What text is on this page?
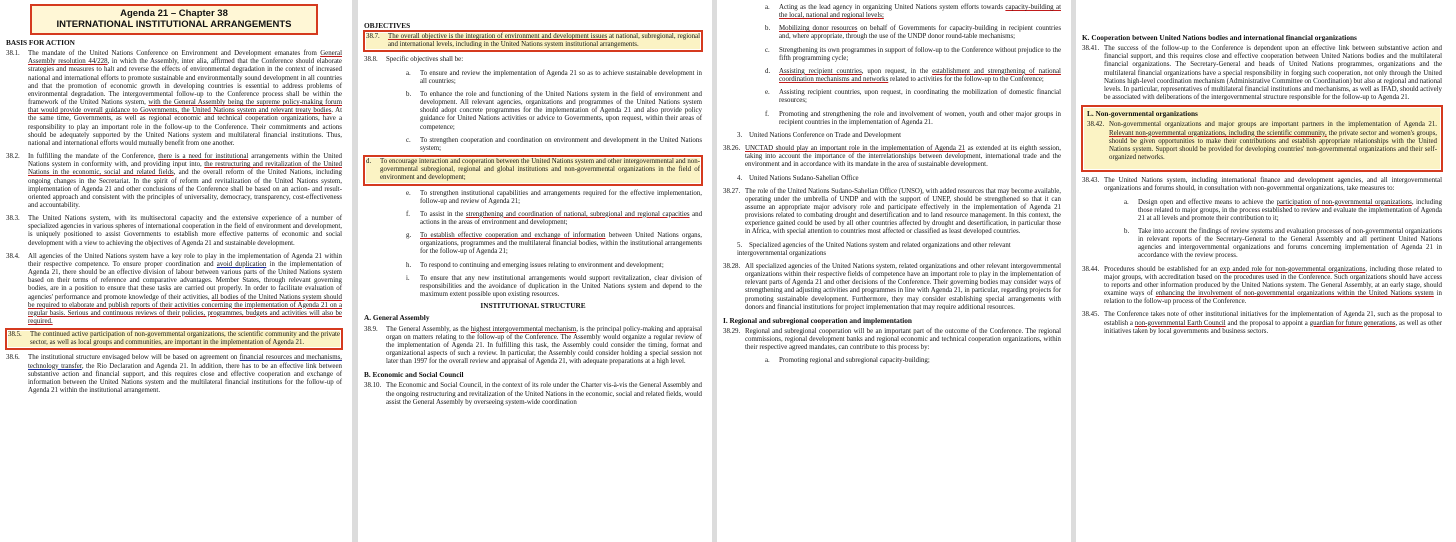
Agenda 21 – Chapter 38
INTERNATIONAL INSTITUTIONAL ARRANGEMENTS
BASIS FOR ACTION
38.1.	The mandate of the United Nations Conference on Environment and Development emanates from General Assembly resolution 44/228, in which the Assembly, inter alia, affirmed that the Conference should elaborate strategies and measures to halt and reverse the effects of environmental degradation in the context of increased national and international efforts to promote sustainable and environmentally sound development in all countries and that the promotion of economic growth in developing countries is essential to address problems of environmental degradation. The intergovernmental follow-up to the Conference process shall be within the framework of the United Nations system, with the General Assembly being the supreme policy-making forum that would provide overall guidance to Governments, the United Nations system and relevant treaty bodies. At the same time, Governments, as well as regional economic and technical cooperation organizations, have a responsibility to play an important role in the follow-up to the Conference. Their commitments and actions should be adequately supported by the United Nations system and multilateral financial institutions. Thus, national and international efforts would mutually benefit from one another.
38.2.	In fulfilling the mandate of the Conference, there is a need for institutional arrangements within the United Nations system in conformity with, and providing input into, the restructuring and revitalization of the United Nations in the economic, social and related fields, and the overall reform of the United Nations, including ongoing changes in the Secretariat. In the spirit of reform and revitalization of the United Nations system, implementation of Agenda 21 and other conclusions of the Conference shall be based on an action- and result-oriented approach and consistent with the principles of universality, democracy, transparency, cost-effectiveness and accountability.
38.3.	The United Nations system, with its multisectoral capacity and the extensive experience of a number of specialized agencies in various spheres of international cooperation in the field of environment and development, is uniquely positioned to assist Governments to establish more effective patterns of economic and social development with a view to achieving the objectives of Agenda 21 and sustainable development.
38.4.	All agencies of the United Nations system have a key role to play in the implementation of Agenda 21 within their respective competence. To ensure proper coordination and avoid duplication in the implementation of Agenda 21, there should be an effective division of labour between various parts of the United Nations system based on their terms of reference and comparative advantages. Member States, through relevant governing bodies, are in a position to ensure that these tasks are carried out properly. In order to facilitate evaluation of agencies' performance and promote knowledge of their activities, all bodies of the United Nations system should be required to elaborate and publish reports of their activities concerning the implementation of Agenda 21 on a regular basis. Serious and continuous reviews of their policies, programmes, budgets and activities will also be required.
38.5.	The continued active participation of non-governmental organizations, the scientific community and the private sector, as well as local groups and communities, are important in the implementation of Agenda 21.
38.6.	The institutional structure envisaged below will be based on agreement on financial resources and mechanisms, technology transfer, the Rio Declaration and Agenda 21. In addition, there has to be an effective link between substantive action and financial support, and this requires close and effective cooperation and exchange of information between the United Nations system and the multilateral financial institutions for the follow-up of Agenda 21 within the institutional arrangement.
OBJECTIVES
38.7.	The overall objective is the integration of environment and development issues at national, subregional, regional and international levels, including in the United Nations system institutional arrangements.
38.8.	Specific objectives shall be:
a.	To ensure and review the implementation of Agenda 21 so as to achieve sustainable development in all countries;
b.	To enhance the role and functioning of the United Nations system in the field of environment and development. All relevant agencies, organizations and programmes of the United Nations system should adopt concrete programmes for the implementation of Agenda 21 and also provide policy guidance for United Nations activities or advice to Governments, upon request, within their areas of competence;
c.	To strengthen cooperation and coordination on environment and development in the United Nations system;
d.	To encourage interaction and cooperation between the United Nations system and other intergovernmental and non-governmental subregional, regional and global institutions and non-governmental organizations in the field of environment and development;
e.	To strengthen institutional capabilities and arrangements required for the effective implementation, follow-up and review of Agenda 21;
f.	To assist in the strengthening and coordination of national, subregional and regional capacities and actions in the areas of environment and development;
g.	To establish effective cooperation and exchange of information between United Nations organs, organizations, programmes and the multilateral financial bodies, within the institutional arrangements for the follow-up of Agenda 21;
h.	To respond to continuing and emerging issues relating to environment and development;
i.	To ensure that any new institutional arrangements would support revitalization, clear division of responsibilities and the avoidance of duplication in the United Nations system and depend to the maximum extent possible upon existing resources.
INSTITUTIONAL STRUCTURE
A. General Assembly
38.9.	The General Assembly, as the highest intergovernmental mechanism, is the principal policy-making and appraisal organ on matters relating to the follow-up of the Conference. The Assembly would organize a regular review of the implementation of Agenda 21. In fulfilling this task, the Assembly could consider the timing, format and organizational aspects of such a review. In particular, the Assembly could consider holding a special session not later than 1997 for the overall review and appraisal of Agenda 21, with adequate preparations at a high level.
B. Economic and Social Council
38.10. The Economic and Social Council, in the context of its role under the Charter vis-à-vis the General Assembly and the ongoing restructuring and revitalization of the United Nations in the economic, social and related fields, would assist the General Assembly by overseeing system-wide coordination
a.	Acting as the lead agency in organizing United Nations system efforts towards capacity-building at the local, national and regional levels;
b.	Mobilizing donor resources on behalf of Governments for capacity-building in recipient countries and, where appropriate, through the use of the UNDP donor round-table mechanisms;
c.	Strengthening its own programmes in support of follow-up to the Conference without prejudice to the fifth programming cycle;
d.	Assisting recipient countries, upon request, in the establishment and strengthening of national coordination mechanisms and networks related to activities for the follow-up to the Conference;
e.	Assisting recipient countries, upon request, in coordinating the mobilization of domestic financial resources;
f.	Promoting and strengthening the role and involvement of women, youth and other major groups in recipient countries in the implementation of Agenda 21.
3.    United Nations Conference on Trade and Development
38.26. UNCTAD should play an important role in the implementation of Agenda 21 as extended at its eighth session, taking into account the importance of the interrelationships between development, international trade and the environment and in accordance with its mandate in the area of sustainable development.
4.    United Nations Sudano-Sahelian Office
38.27. The role of the United Nations Sudano-Sahelian Office (UNSO), with added resources that may become available, operating under the umbrella of UNDP and with the support of UNEP, should be strengthened so that it can assume an appropriate major advisory role and participate effectively in the implementation of Agenda 21 provisions related to combating drought and desertification and to land resource management. In this context, the experience gained could be used by all other countries affected by drought and desertification, in particular those in Africa, with special attention to countries most affected or classified as least developed countries.
5.    Specialized agencies of the United Nations system and related organizations and other relevant intergovernmental organizations
38.28. All specialized agencies of the United Nations system, related organizations and other relevant intergovernmental organizations within their respective fields of competence have an important role to play in the implementation of relevant parts of Agenda 21 and other decisions of the Conference. Their governing bodies may consider ways of strengthening and adjusting activities and programmes in line with Agenda 21, in particular, regarding projects for promoting sustainable development. Furthermore, they may consider establishing special arrangements with donors and financial institutions for project implementation that may require additional resources.
I. Regional and subregional cooperation and implementation
38.29. Regional and subregional cooperation will be an important part of the outcome of the Conference. The regional commissions, regional development banks and regional economic and technical cooperation organizations, within their respective agreed mandates, can contribute to this process by:
a.	Promoting regional and subregional capacity-building;
K. Cooperation between United Nations bodies and international financial organizations
38.41. The success of the follow-up to the Conference is dependent upon an effective link between substantive action and financial support, and this requires close and effective cooperation between United Nations bodies and the multilateral financial organizations. The Secretary-General and heads of United Nations programmes, organizations and the multilateral financial organizations have a special responsibility in forging such cooperation, not only through the United Nations high-level coordination mechanism (Administrative Committee on Coordination) but also at regional and national levels. In particular, representatives of multilateral financial institutions and mechanisms, as well as IFAD, should actively be associated with deliberations of the intergovernmental structure responsible for the follow-up to Agenda 21.
L. Non-governmental organizations
38.42. Non-governmental organizations and major groups are important partners in the implementation of Agenda 21. Relevant non-governmental organizations, including the scientific community, the private sector and women's groups, should be given opportunities to make their contributions and establish appropriate relationships with the United Nations system. Support should be provided for developing countries' non-governmental organizations and their self-organized networks.
38.43. The United Nations system, including international finance and development agencies, and all intergovernmental organizations and forums should, in consultation with non-governmental organizations, take measures to:
a.	Design open and effective means to achieve the participation of non-governmental organizations, including those related to major groups, in the process established to review and evaluate the implementation of Agenda 21 at all levels and promote their contribution to it;
b.	Take into account the findings of review systems and evaluation processes of non-governmental organizations in relevant reports of the Secretary-General to the General Assembly and all pertinent United Nations agencies and intergovernmental organizations and forums concerning implementation of Agenda 21 in accordance with the review process.
38.44. Procedures should be established for an exp anded role for non-governmental organizations, including those related to major groups, with accreditation based on the procedures used in the Conference. Such organizations should have access to reports and other information produced by the United Nations system. The General Assembly, at an early stage, should examine ways of enhancing the involvement of non-governmental organizations within the United Nations system in relation to the follow-up process of the Conference.
38.45. The Conference takes note of other institutional initiatives for the implementation of Agenda 21, such as the proposal to establish a non-governmental Earth Council and the proposal to appoint a guardian for future generations, as well as other initiatives taken by local governments and business sectors.
